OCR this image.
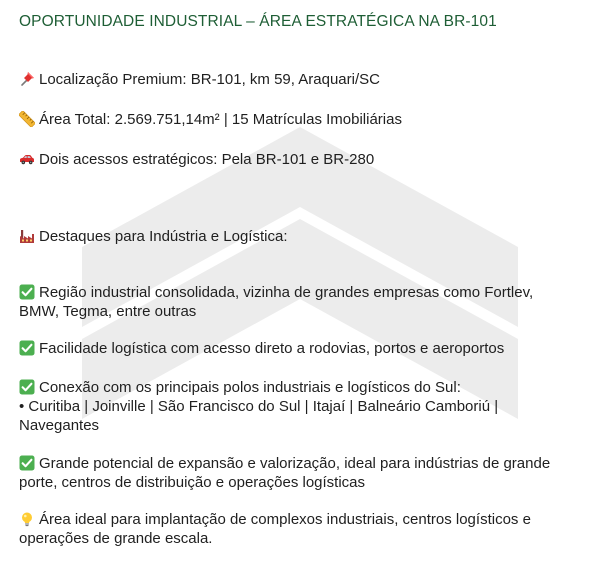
OPORTUNIDADE INDUSTRIAL – ÁREA ESTRATÉGICA NA BR-101
Localização Premium: BR-101, km 59, Araquari/SC
Área Total: 2.569.751,14m² | 15 Matrículas Imobiliárias
Dois acessos estratégicos: Pela BR-101 e BR-280
Destaques para Indústria e Logística:
Região industrial consolidada, vizinha de grandes empresas como Fortlev,
BMW, Tegma, entre outras
Facilidade logística com acesso direto a rodovias, portos e aeroportos
Conexão com os principais polos industriais e logísticos do Sul:
• Curitiba | Joinville | São Francisco do Sul | Itajaí | Balneário Camboriú |
Navegantes
Grande potencial de expansão e valorização, ideal para indústrias de grande
porte, centros de distribuição e operações logísticas
Área ideal para implantação de complexos industriais, centros logísticos e
operações de grande escala.
